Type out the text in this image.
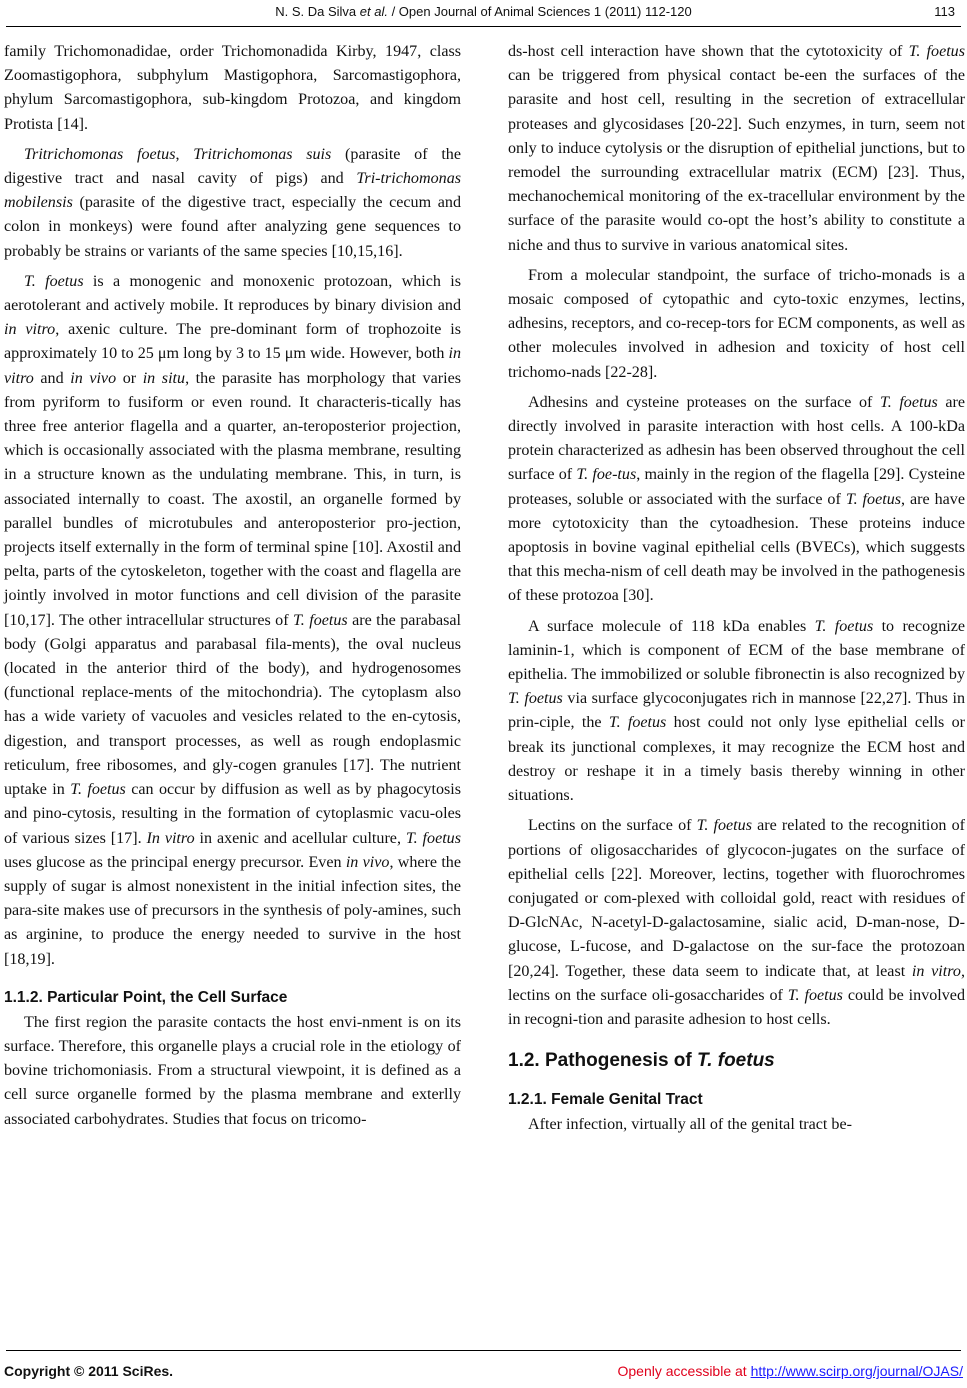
N. S. Da Silva et al. / Open Journal of Animal Sciences 1 (2011) 112-120	113

family Trichomonadidae, order Trichomonadida Kirby, 1947, class Zoomastigophora, subphylum Mastigophora, Sarcomastigophora, phylum Sarcomastigophora, sub-kingdom Protozoa, and kingdom Protista [14].

Tritrichomonas foetus, Tritrichomonas suis (parasite of the digestive tract and nasal cavity of pigs) and Tri-trichomonas mobilensis (parasite of the digestive tract, especially the cecum and colon in monkeys) were found after analyzing gene sequences to probably be strains or variants of the same species [10,15,16].

T. foetus is a monogenic and monoxenic protozoan, which is aerotolerant and actively mobile. It reproduces by binary division and in vitro, axenic culture. The pre-dominant form of trophozoite is approximately 10 to 25 μm long by 3 to 15 μm wide. However, both in vitro and in vivo or in situ, the parasite has morphology that varies from pyriform to fusiform or even round. It characteris-tically has three free anterior flagella and a quarter, an-teroposterior projection, which is occasionally associated with the plasma membrane, resulting in a structure known as the undulating membrane. This, in turn, is associated internally to coast. The axostil, an organelle formed by parallel bundles of microtubules and anteroposterior pro-jection, projects itself externally in the form of terminal spine [10]. Axostil and pelta, parts of the cytoskeleton, together with the coast and flagella are jointly involved in motor functions and cell division of the parasite [10,17]. The other intracellular structures of T. foetus are the parabasal body (Golgi apparatus and parabasal fila-ments), the oval nucleus (located in the anterior third of the body), and hydrogenosomes (functional replace-ments of the mitochondria). The cytoplasm also has a wide variety of vacuoles and vesicles related to the en-cytosis, digestion, and transport processes, as well as rough endoplasmic reticulum, free ribosomes, and gly-cogen granules [17]. The nutrient uptake in T. foetus can occur by diffusion as well as by phagocytosis and pino-cytosis, resulting in the formation of cytoplasmic vacu-oles of various sizes [17]. In vitro in axenic and acellular culture, T. foetus uses glucose as the principal energy precursor. Even in vivo, where the supply of sugar is almost nonexistent in the initial infection sites, the para-site makes use of precursors in the synthesis of poly-amines, such as arginine, to produce the energy needed to survive in the host [18,19].

1.1.2. Particular Point, the Cell Surface

The first region the parasite contacts the host envi-nment is on its surface. Therefore, this organelle plays a crucial role in the etiology of bovine trichomoniasis. From a structural viewpoint, it is defined as a cell surce organelle formed by the plasma membrane and exterlly associated carbohydrates. Studies that focus on tricomo-

ds-host cell interaction have shown that the cytotoxicity of T. foetus can be triggered from physical contact be-een the surfaces of the parasite and host cell, resulting in the secretion of extracellular proteases and glycosidases [20-22]. Such enzymes, in turn, seem not only to induce cytolysis or the disruption of epithelial junctions, but to remodel the surrounding extracellular matrix (ECM) [23]. Thus, mechanochemical monitoring of the ex-tracellular environment by the surface of the parasite would co-opt the host’s ability to constitute a niche and thus to survive in various anatomical sites.

From a molecular standpoint, the surface of tricho-monads is a mosaic composed of cytopathic and cyto-toxic enzymes, lectins, adhesins, receptors, and co-recep-tors for ECM components, as well as other molecules involved in adhesion and toxicity of host cell trichomo-nads [22-28].

Adhesins and cysteine proteases on the surface of T. foetus are directly involved in parasite interaction with host cells. A 100-kDa protein characterized as adhesin has been observed throughout the cell surface of T. foe-tus, mainly in the region of the flagella [29]. Cysteine proteases, soluble or associated with the surface of T. foetus, are have more cytotoxicity than the cytoadhesion. These proteins induce apoptosis in bovine vaginal epithelial cells (BVECs), which suggests that this mecha-nism of cell death may be involved in the pathogenesis of these protozoa [30].

A surface molecule of 118 kDa enables T. foetus to recognize laminin-1, which is component of ECM of the base membrane of epithelia. The immobilized or soluble fibronectin is also recognized by T. foetus via surface glycoconjugates rich in mannose [22,27]. Thus in prin-ciple, the T. foetus host could not only lyse epithelial cells or break its junctional complexes, it may recognize the ECM host and destroy or reshape it in a timely basis thereby winning in other situations.

Lectins on the surface of T. foetus are related to the recognition of portions of oligosaccharides of glycocon-jugates on the surface of epithelial cells [22]. Moreover, lectins, together with fluorochromes conjugated or com-plexed with colloidal gold, react with residues of D-GlcNAc, N-acetyl-D-galactosamine, sialic acid, D-man-nose, D-glucose, L-fucose, and D-galactose on the sur-face the protozoan [20,24]. Together, these data seem to indicate that, at least in vitro, lectins on the surface oli-gosaccharides of T. foetus could be involved in recogni-tion and parasite adhesion to host cells.

1.2. Pathogenesis of T. foetus
1.2.1. Female Genital Tract

After infection, virtually all of the genital tract be-

Copyright © 2011 SciRes.	Openly accessible at http://www.scirp.org/journal/OJAS/
